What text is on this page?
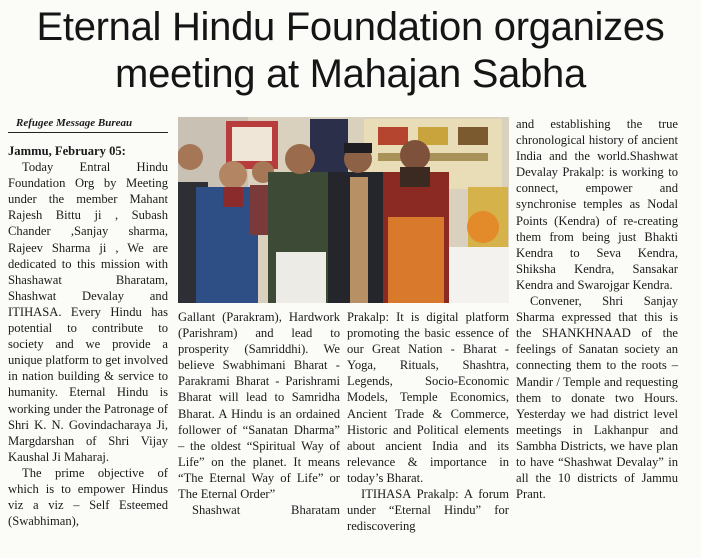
Eternal Hindu Foundation organizes
meeting at Mahajan Sabha
Refugee Message Bureau

Jammu, February 05:
Today Entral Hindu Foundation Org by Meeting under the member Mahant Rajesh Bittu ji , Subash Chander ,Sanjay sharma, Rajeev Sharma ji , We are dedicated to this mission with Shashawat Bharatam, Shashwat Devalay and ITIHASA. Every Hindu has potential to contribute to society and we provide a unique platform to get involved in nation building & service to humanity. Eternal Hindu is working under the Patronage of Shri K. N. Govindacharaya Ji, Margdarshan of Shri Vijay Kaushal Ji Maharaj.

The prime objective of which is to empower Hindus viz a viz – Self Esteemed (Swabhiman),

Gallant (Parakram), Hardwork (Parishram) and lead to prosperity (Samriddhi). We believe Swabhimani Bharat - Parakrami Bharat - Parishrami Bharat will lead to Samridha Bharat. A Hindu is an ordained follower of “Sanatan Dharma” – the oldest “Spiritual Way of Life” on the planet. It means “The Eternal Way of Life” or The Eternal Order”

Shashwat Bharatam

Prakalp: It is digital platform promoting the basic essence of our Great Nation - Bharat - Yoga, Rituals, Shashtra, Legends, Socio-Economic Models, Temple Economics, Ancient Trade & Commerce, Historic and Political elements about ancient India and its relevance & importance in today’s Bharat.

ITIHASA Prakalp: A forum under “Eternal Hindu” for rediscovering

and establishing the true chronological history of ancient India and the world.Shashwat Devalay Prakalp: is working to connect, empower and synchronise temples as Nodal Points (Kendra) of re-creating them from being just Bhakti Kendra to Seva Kendra, Shiksha Kendra, Sansakar Kendra and Swarojgar Kendra.

Convener, Shri Sanjay Sharma expressed that this is the SHANKHNAAD of the feelings of Sanatan society an connecting them to the roots – Mandir / Temple and requesting them to donate two Hours. Yesterday we had district level meetings in Lakhanpur and Sambha Districts, we have plan to have “Shashwat Devalay” in all the 10 districts of Jammu Prant.
